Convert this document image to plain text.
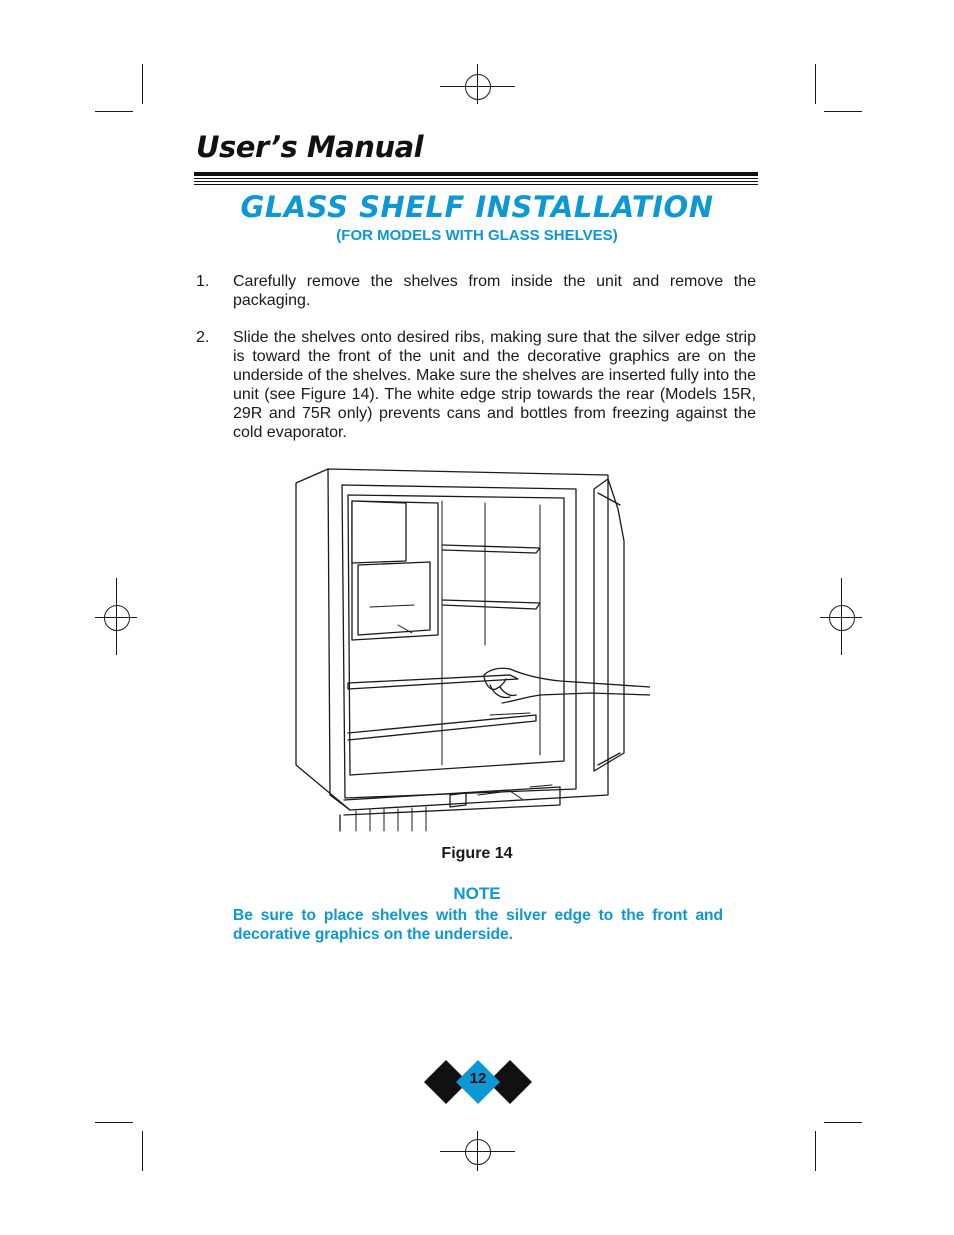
User’s Manual
GLASS SHELF INSTALLATION
(FOR MODELS WITH GLASS SHELVES)
1.	Carefully remove the shelves from inside the unit and remove the packaging.
2.	Slide the shelves onto desired ribs, making sure that the silver edge strip is toward the front of the unit and the decorative graphics are on the underside of the shelves. Make sure the shelves are inserted fully into the unit (see Figure 14). The white edge strip towards the rear (Models 15R, 29R and 75R only) prevents cans and bottles from freezing against the cold evaporator.
Figure 14
NOTE
Be sure to place shelves with the silver edge to the front and decorative graphics on the underside.
12
